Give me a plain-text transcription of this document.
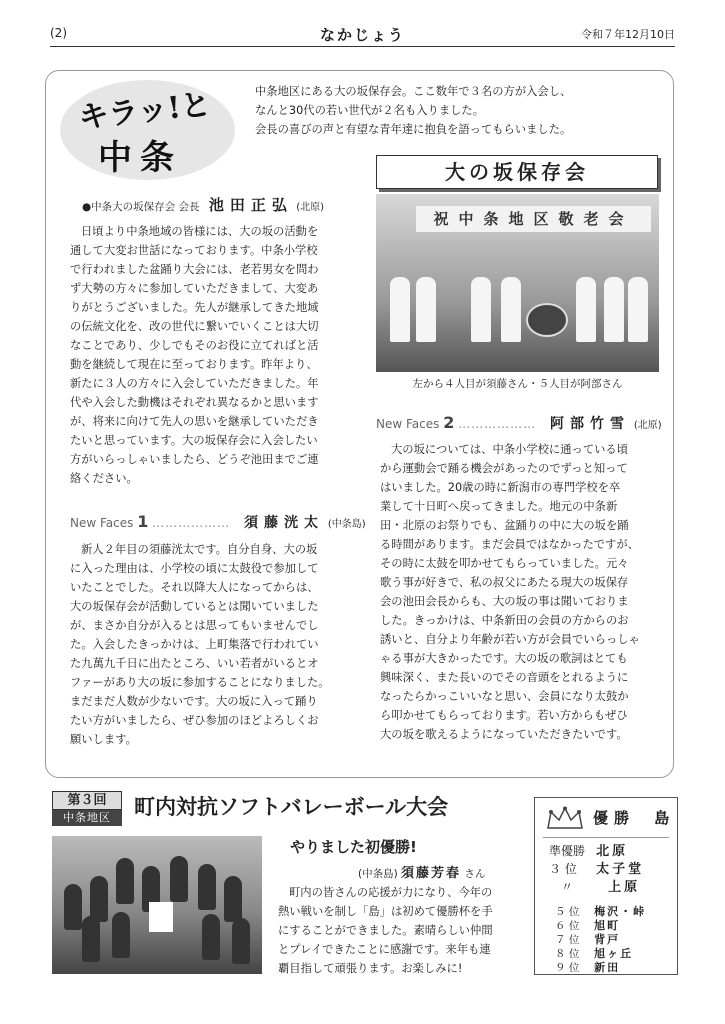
(2)	なかじょう	令和７年12月10日
キラッ!と
中条
中条地区にある大の坂保存会。ここ数年で３名の方が入会し、
なんと30代の若い世代が２名も入りました。
会長の喜びの声と有望な青年達に抱負を語ってもらいました。
大の坂保存会
祝中条地区敬老会
左から４人目が須藤さん・５人目が阿部さん
●中条大の坂保存会 会長 池田正弘 (北原)
日頃より中条地域の皆様には、大の坂の活動を
通して大変お世話になっております。中条小学校
で行われました盆踊り大会には、老若男女を問わ
ず大勢の方々に参加していただきまして、大変あ
りがとうございました。先人が継承してきた地域
の伝統文化を、改の世代に繋いでいくことは大切
なことであり、少しでもそのお役に立てればと活
動を継続して現在に至っております。昨年より、
新たに３人の方々に入会していただきました。年
代や入会した動機はそれぞれ異なるかと思います
が、将来に向けて先人の思いを継承していただき
たいと思っています。大の坂保存会に入会したい
方がいらっしゃいましたら、どうぞ池田までご連
絡ください。
New Faces 1 ……………… 須藤洸太 (中条島)
新人２年目の須藤洸太です。自分自身、大の坂
に入った理由は、小学校の頃に太鼓役で参加して
いたことでした。それ以降大人になってからは、
大の坂保存会が活動しているとは聞いていました
が、まさか自分が入るとは思ってもいませんでし
た。入会したきっかけは、上町集落で行われてい
た九萬九千日に出たところ、いい若者がいるとオ
ファーがあり大の坂に参加することになりました。
まだまだ人数が少ないです。大の坂に入って踊り
たい方がいましたら、ぜひ参加のほどよろしくお
願いします。
New Faces 2 ……………… 阿部竹雪 (北原)
大の坂については、中条小学校に通っている頃
から運動会で踊る機会があったのでずっと知って
はいました。20歳の時に新潟市の専門学校を卒
業して十日町へ戻ってきました。地元の中条新
田・北原のお祭りでも、盆踊りの中に大の坂を踊
る時間があります。まだ会員ではなかったですが、
その時に太鼓を叩かせてもらっていました。元々
歌う事が好きで、私の叔父にあたる現大の坂保存
会の池田会長からも、大の坂の事は聞いておりま
した。きっかけは、中条新田の会員の方からのお
誘いと、自分より年齢が若い方が会員でいらっしゃ
ゃる事が大きかったです。大の坂の歌詞はとても
興味深く、また長いのでその音頭をとれるように
なったらかっこいいなと思い、会員になり太鼓か
ら叩かせてもらっております。若い方からもぜひ
大の坂を歌えるようになっていただきたいです。
第３回
中条地区	町内対抗ソフトバレーボール大会
やりました初優勝!
(中条島) 須藤芳春 さん
町内の皆さんの応援が力になり、今年の
熱い戦いを制し「島」は初めて優勝杯を手
にすることができました。素晴らしい仲間
とプレイできたことに感謝です。来年も連
覇目指して頑張ります。お楽しみに!
優勝 島
準優勝 北原
３ 位 太子堂
〃	上原
５ 位 梅沢・峠
６ 位 旭町
７ 位 背戸
８ 位 旭ヶ丘
９ 位 新田
